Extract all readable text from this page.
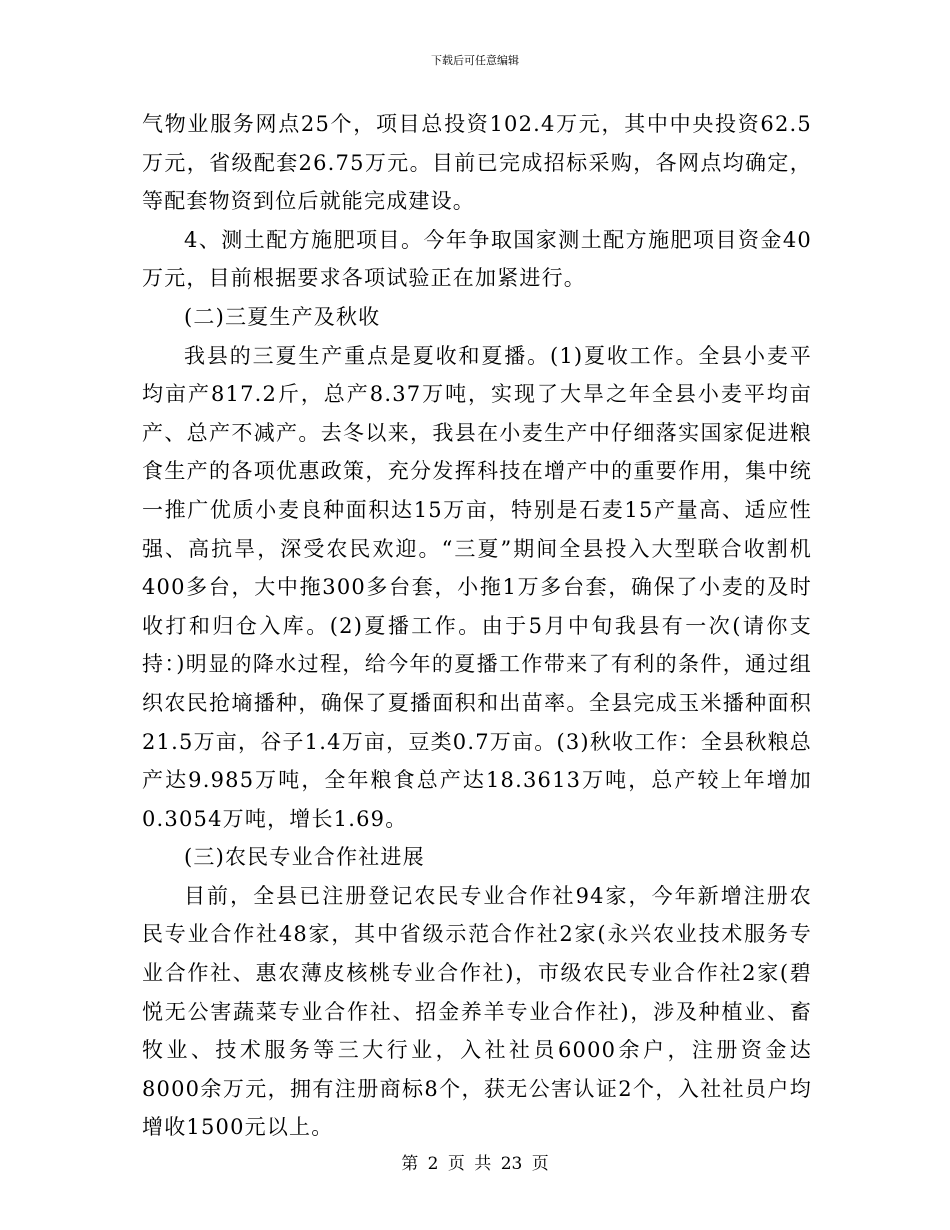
下载后可任意编辑

气物业服务网点25个，项目总投资102.4万元，其中中央投资62.5万元，省级配套26.75万元。目前已完成招标采购，各网点均确定，等配套物资到位后就能完成建设。

4、测土配方施肥项目。今年争取国家测土配方施肥项目资金40万元，目前根据要求各项试验正在加紧进行。

(二)三夏生产及秋收

我县的三夏生产重点是夏收和夏播。(1)夏收工作。全县小麦平均亩产817.2斤，总产8.37万吨，实现了大旱之年全县小麦平均亩产、总产不减产。去冬以来，我县在小麦生产中仔细落实国家促进粮食生产的各项优惠政策，充分发挥科技在增产中的重要作用，集中统一推广优质小麦良种面积达15万亩，特别是石麦15产量高、适应性强、高抗旱，深受农民欢迎。“三夏”期间全县投入大型联合收割机400多台，大中拖300多台套，小拖1万多台套，确保了小麦的及时收打和归仓入库。(2)夏播工作。由于5月中旬我县有一次(请你支持：)明显的降水过程，给今年的夏播工作带来了有利的条件，通过组织农民抢墒播种，确保了夏播面积和出苗率。全县完成玉米播种面积21.5万亩，谷子1.4万亩，豆类0.7万亩。(3)秋收工作：全县秋粮总产达9.985万吨，全年粮食总产达18.3613万吨，总产较上年增加0.3054万吨，增长1.69。

(三)农民专业合作社进展

目前，全县已注册登记农民专业合作社94家，今年新增注册农民专业合作社48家，其中省级示范合作社2家(永兴农业技术服务专业合作社、惠农薄皮核桃专业合作社)，市级农民专业合作社2家(碧悦无公害蔬菜专业合作社、招金养羊专业合作社)，涉及种植业、畜牧业、技术服务等三大行业，入社社员6000余户，注册资金达8000余万元，拥有注册商标8个，获无公害认证2个，入社社员户均增收1500元以上。

第 2 页 共 23 页
